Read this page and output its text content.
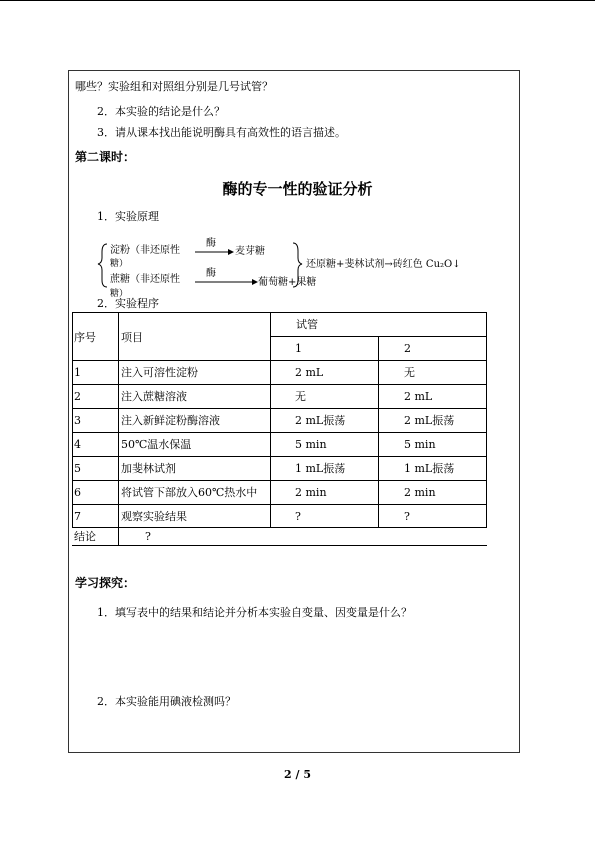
哪些？实验组和对照组分别是几号试管？
2．本实验的结论是什么？
3．请从课本找出能说明酶具有高效性的语言描述。
第二课时：
酶的专一性的验证分析
1．实验原理
淀粉（非还原性
糖）
蔗糖（非还原性
糖）
酶
酶
麦芽糖
葡萄糖+果糖
还原糖+斐林试剂→砖红色 Cu₂O↓
2．实验程序
序号 项目
试管
1	2
1	注入可溶性淀粉	2 mL	无
2	注入蔗糖溶液	无	2 mL
3	注入新鲜淀粉酶溶液	2 mL振荡	2 mL振荡
4	50℃温水保温	5 min	5 min
5	加斐林试剂	1 mL振荡	1 mL振荡
6	将试管下部放入60℃热水中	2 min	2 min
7	观察实验结果	?	?
结论	?
学习探究：
1．填写表中的结果和结论并分析本实验自变量、因变量是什么？
2．本实验能用碘液检测吗？
2 / 5
